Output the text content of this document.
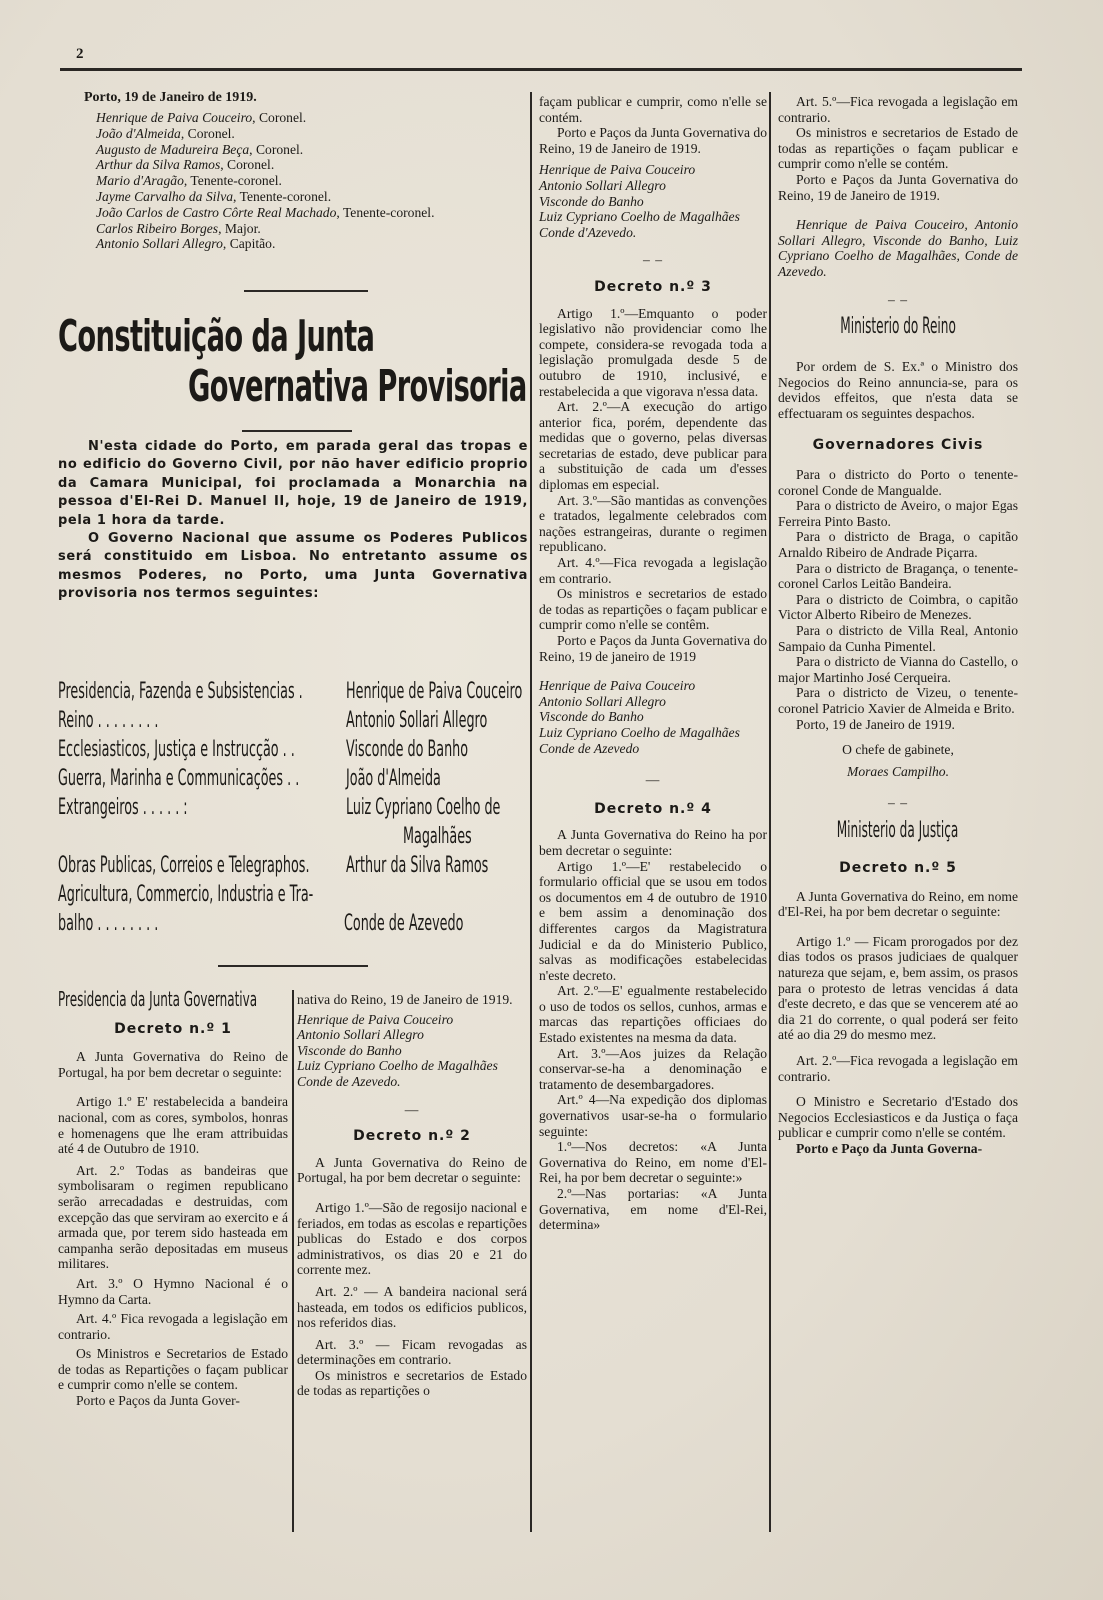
2
Porto, 19 de Janeiro de 1919.

Henrique de Paiva Couceiro, Coronel.

João d'Almeida, Coronel.

Augusto de Madureira Beça, Coronel.

Arthur da Silva Ramos, Coronel.

Mario d'Aragão, Tenente-coronel.

Jayme Carvalho da Silva, Tenente-coronel.

João Carlos de Castro Côrte Real Machado, Tenente-coronel.

Carlos Ribeiro Borges, Major.

Antonio Sollari Allegro, Capitão.

Constituição da Junta
Governativa Provisoria

N'esta cidade do Porto, em parada geral das tropas e no edificio do Governo Civil, por não haver edificio proprio da Camara Municipal, foi proclamada a Monarchia na pessoa d'El-Rei D. Manuel II, hoje, 19 de Janeiro de 1919, pela 1 hora da tarde.

O Governo Nacional que assume os Poderes Publicos será constituido em Lisboa. No entretanto assume os mesmos Poderes, no Porto, uma Junta Governativa provisoria nos termos seguintes:

Presidencia, Fazenda e Subsistencias . Henrique de Paiva Couceiro
Reino . . . . . . . .	Antonio Sollari Allegro
Ecclesiasticos, Justiça e Instrucção . . Visconde do Banho
Guerra, Marinha e Communicações . . João d'Almeida
Extrangeiros . . . . . :	Luiz Cypriano Coelho de
Magalhães
Obras Publicas, Correios e Telegraphos. Arthur da Silva Ramos
Agricultura, Commercio, Industria e Tra-
balho . . . . . . . .	Conde de Azevedo
Presidencia da Junta Governativa

Decreto n.º 1

A Junta Governativa do Reino de Portugal, ha por bem decretar o seguinte:

Artigo 1.º E' restabelecida a bandeira nacional, com as cores, symbolos, honras e homenagens que lhe eram attribuidas até 4 de Outubro de 1910.

Art. 2.º Todas as bandeiras que symbolisaram o regimen republicano serão arrecadadas e destruidas, com excepção das que serviram ao exercito e á armada que, por terem sido hasteada em campanha serão depositadas em museus militares.

Art. 3.º O Hymno Nacional é o Hymno da Carta.

Art. 4.º Fica revogada a legislação em contrario.

Os Ministros e Secretarios de Estado de todas as Repartições o façam publicar e cumprir como n'elle se contem.

Porto e Paços da Junta Gover-

nativa do Reino, 19 de Janeiro de 1919.

Henrique de Paiva Couceiro

Antonio Sollari Allegro

Visconde do Banho

Luiz Cypriano Coelho de Magalhães

Conde de Azevedo.

—

Decreto n.º 2

A Junta Governativa do Reino de Portugal, ha por bem decretar o seguinte:

Artigo 1.º—São de regosijo nacional e feriados, em todas as escolas e repartições publicas do Estado e dos corpos administrativos, os dias 20 e 21 do corrente mez.

Art. 2.º — A bandeira nacional será hasteada, em todos os edificios publicos, nos referidos dias.

Art. 3.º — Ficam revogadas as determinações em contrario.

Os ministros e secretarios de Estado de todas as repartições o

façam publicar e cumprir, como n'elle se contém.

Porto e Paços da Junta Governativa do Reino, 19 de Janeiro de 1919.

Henrique de Paiva Couceiro

Antonio Sollari Allegro

Visconde do Banho

Luiz Cypriano Coelho de Magalhães

Conde d'Azevedo.

– –

Decreto n.º 3

Artigo 1.º—Emquanto o poder legislativo não providenciar como lhe compete, considera-se revogada toda a legislação promulgada desde 5 de outubro de 1910, inclusivé, e restabelecida a que vigorava n'essa data.

Art. 2.º—A execução do artigo anterior fica, porém, dependente das medidas que o governo, pelas diversas secretarias de estado, deve publicar para a substituição de cada um d'esses diplomas em especial.

Art. 3.º—São mantidas as convenções e tratados, legalmente celebrados com nações estrangeiras, durante o regimen republicano.

Art. 4.º—Fica revogada a legislação em contrario.

Os ministros e secretarios de estado de todas as repartições o façam publicar e cumprir como n'elle se contêm.

Porto e Paços da Junta Governativa do Reino, 19 de janeiro de 1919

Henrique de Paiva Couceiro

Antonio Sollari Allegro

Visconde do Banho

Luiz Cypriano Coelho de Magalhães

Conde de Azevedo

—

Decreto n.º 4

A Junta Governativa do Reino ha por bem decretar o seguinte:

Artigo 1.º—E' restabelecido o formulario official que se usou em todos os documentos em 4 de outubro de 1910 e bem assim a denominação dos differentes cargos da Magistratura Judicial e da do Ministerio Publico, salvas as modificações estabelecidas n'este decreto.

Art. 2.º—E' egualmente restabelecido o uso de todos os sellos, cunhos, armas e marcas das repartições officiaes do Estado existentes na mesma da data.

Art. 3.º—Aos juizes da Relação conservar-se-ha a denominação e tratamento de desembargadores.

Art.º 4—Na expedição dos diplomas governativos usar-se-ha o formulario seguinte:

1.º—Nos decretos: «A Junta Governativa do Reino, em nome d'El-Rei, ha por bem decretar o seguinte:»

2.º—Nas portarias: «A Junta Governativa, em nome d'El-Rei, determina»

Art. 5.º—Fica revogada a legislação em contrario.

Os ministros e secretarios de Estado de todas as repartições o façam publicar e cumprir como n'elle se contém.

Porto e Paços da Junta Governativa do Reino, 19 de Janeiro de 1919.

Henrique de Paiva Couceiro, Antonio Sollari Allegro, Visconde do Banho, Luiz Cypriano Coelho de Magalhães, Conde de Azevedo.

– –

Ministerio do Reino

Por ordem de S. Ex.ª o Ministro dos Negocios do Reino annuncia-se, para os devidos effeitos, que n'esta data se effectuaram os seguintes despachos.

Governadores Civis

Para o districto do Porto o tenente-coronel Conde de Mangualde.

Para o districto de Aveiro, o major Egas Ferreira Pinto Basto.

Para o districto de Braga, o capitão Arnaldo Ribeiro de Andrade Piçarra.

Para o districto de Bragança, o tenente-coronel Carlos Leitão Bandeira.

Para o districto de Coimbra, o capitão Victor Alberto Ribeiro de Menezes.

Para o districto de Villa Real, Antonio Sampaio da Cunha Pimentel.

Para o districto de Vianna do Castello, o major Martinho José Cerqueira.

Para o districto de Vizeu, o tenente-coronel Patricio Xavier de Almeida e Brito.

Porto, 19 de Janeiro de 1919.

O chefe de gabinete,

Moraes Campilho.

– –

Ministerio da Justiça

Decreto n.º 5

A Junta Governativa do Reino, em nome d'El-Rei, ha por bem decretar o seguinte:

Artigo 1.º — Ficam prorogados por dez dias todos os prasos judiciaes de qualquer natureza que sejam, e, bem assim, os prasos para o protesto de letras vencidas á data d'este decreto, e das que se vencerem até ao dia 21 do corrente, o qual poderá ser feito até ao dia 29 do mesmo mez.

Art. 2.º—Fica revogada a legislação em contrario.

O Ministro e Secretario d'Estado dos Negocios Ecclesiasticos e da Justiça o faça publicar e cumprir como n'elle se contém.

Porto e Paço da Junta Governa-
